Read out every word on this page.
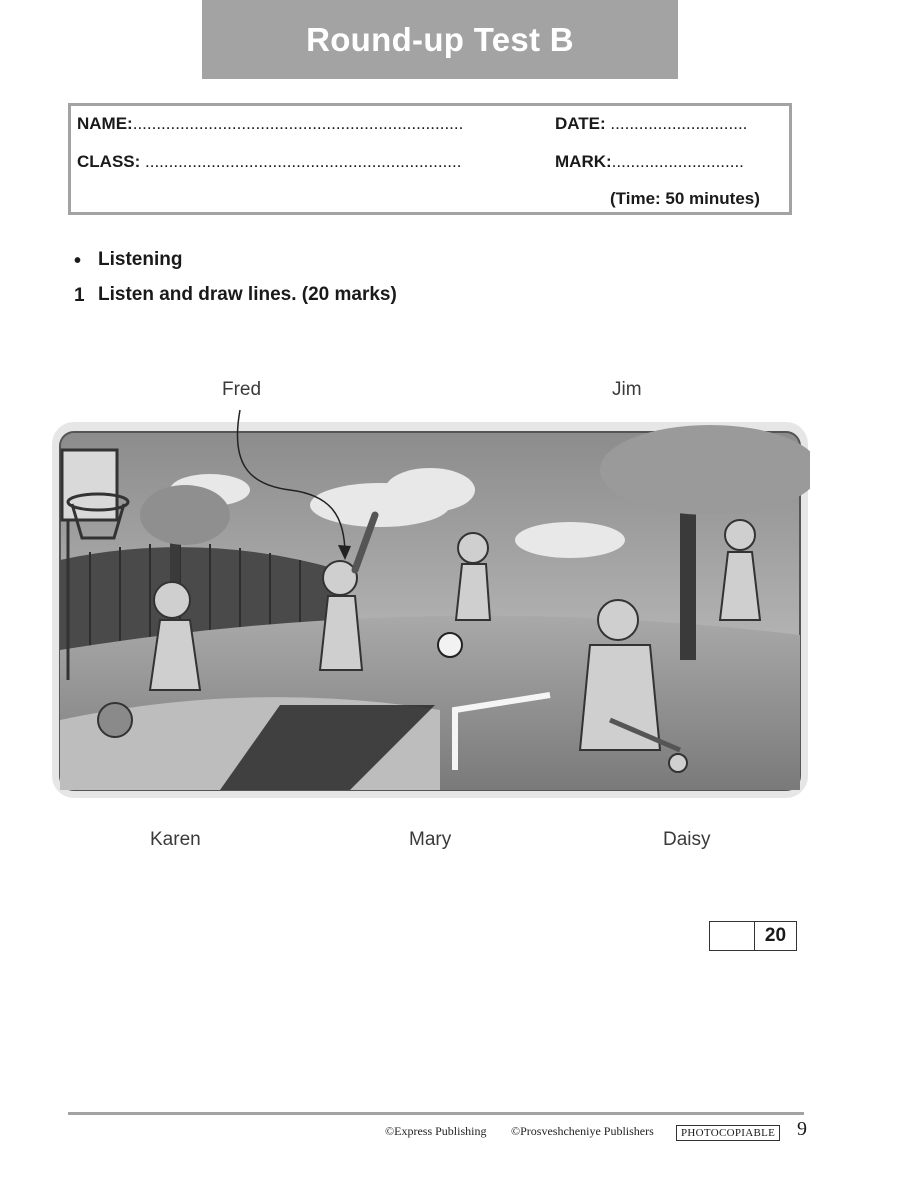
Round-up Test B
NAME:......................................................................	DATE: .............................
CLASS: ...................................................................	MARK:............................
(Time: 50 minutes)
• Listening
1 Listen and draw lines. (20 marks)
Fred	Jim
Karen	Mary	Daisy
20
©Express Publishing ©Prosveshcheniye Publishers	PHOTOCOPIABLE 9
